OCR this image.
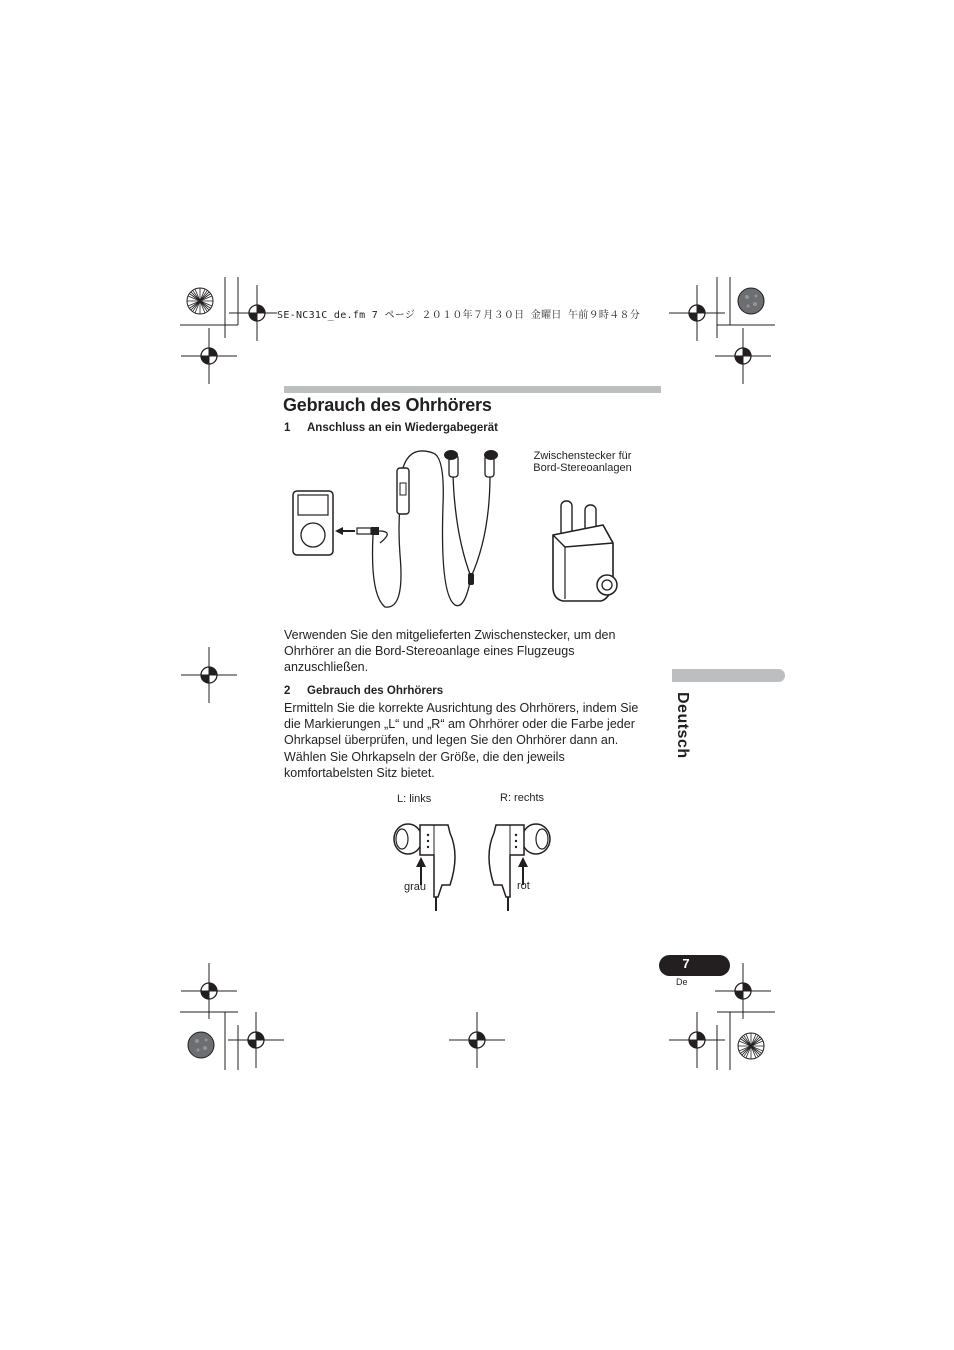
SE-NC31C_de.fm 7 ページ ２０１０年７月３０日 金曜日 午前９時４８分
Gebrauch des Ohrhörers
1 Anschluss an ein Wiedergabegerät
Zwischenstecker für
Bord-Stereoanlagen
Verwenden Sie den mitgelieferten Zwischenstecker, um den
Ohrhörer an die Bord-Stereoanlage eines Flugzeugs
anzuschließen.
2 Gebrauch des Ohrhörers
Ermitteln Sie die korrekte Ausrichtung des Ohrhörers, indem Sie
die Markierungen „L“ und „R“ am Ohrhörer oder die Farbe jeder
Ohrkapsel überprüfen, und legen Sie den Ohrhörer dann an.
Wählen Sie Ohrkapseln der Größe, die den jeweils
komfortabelsten Sitz bietet.
L: links	R: rechts
grau	rot
Deutsch
7
De
